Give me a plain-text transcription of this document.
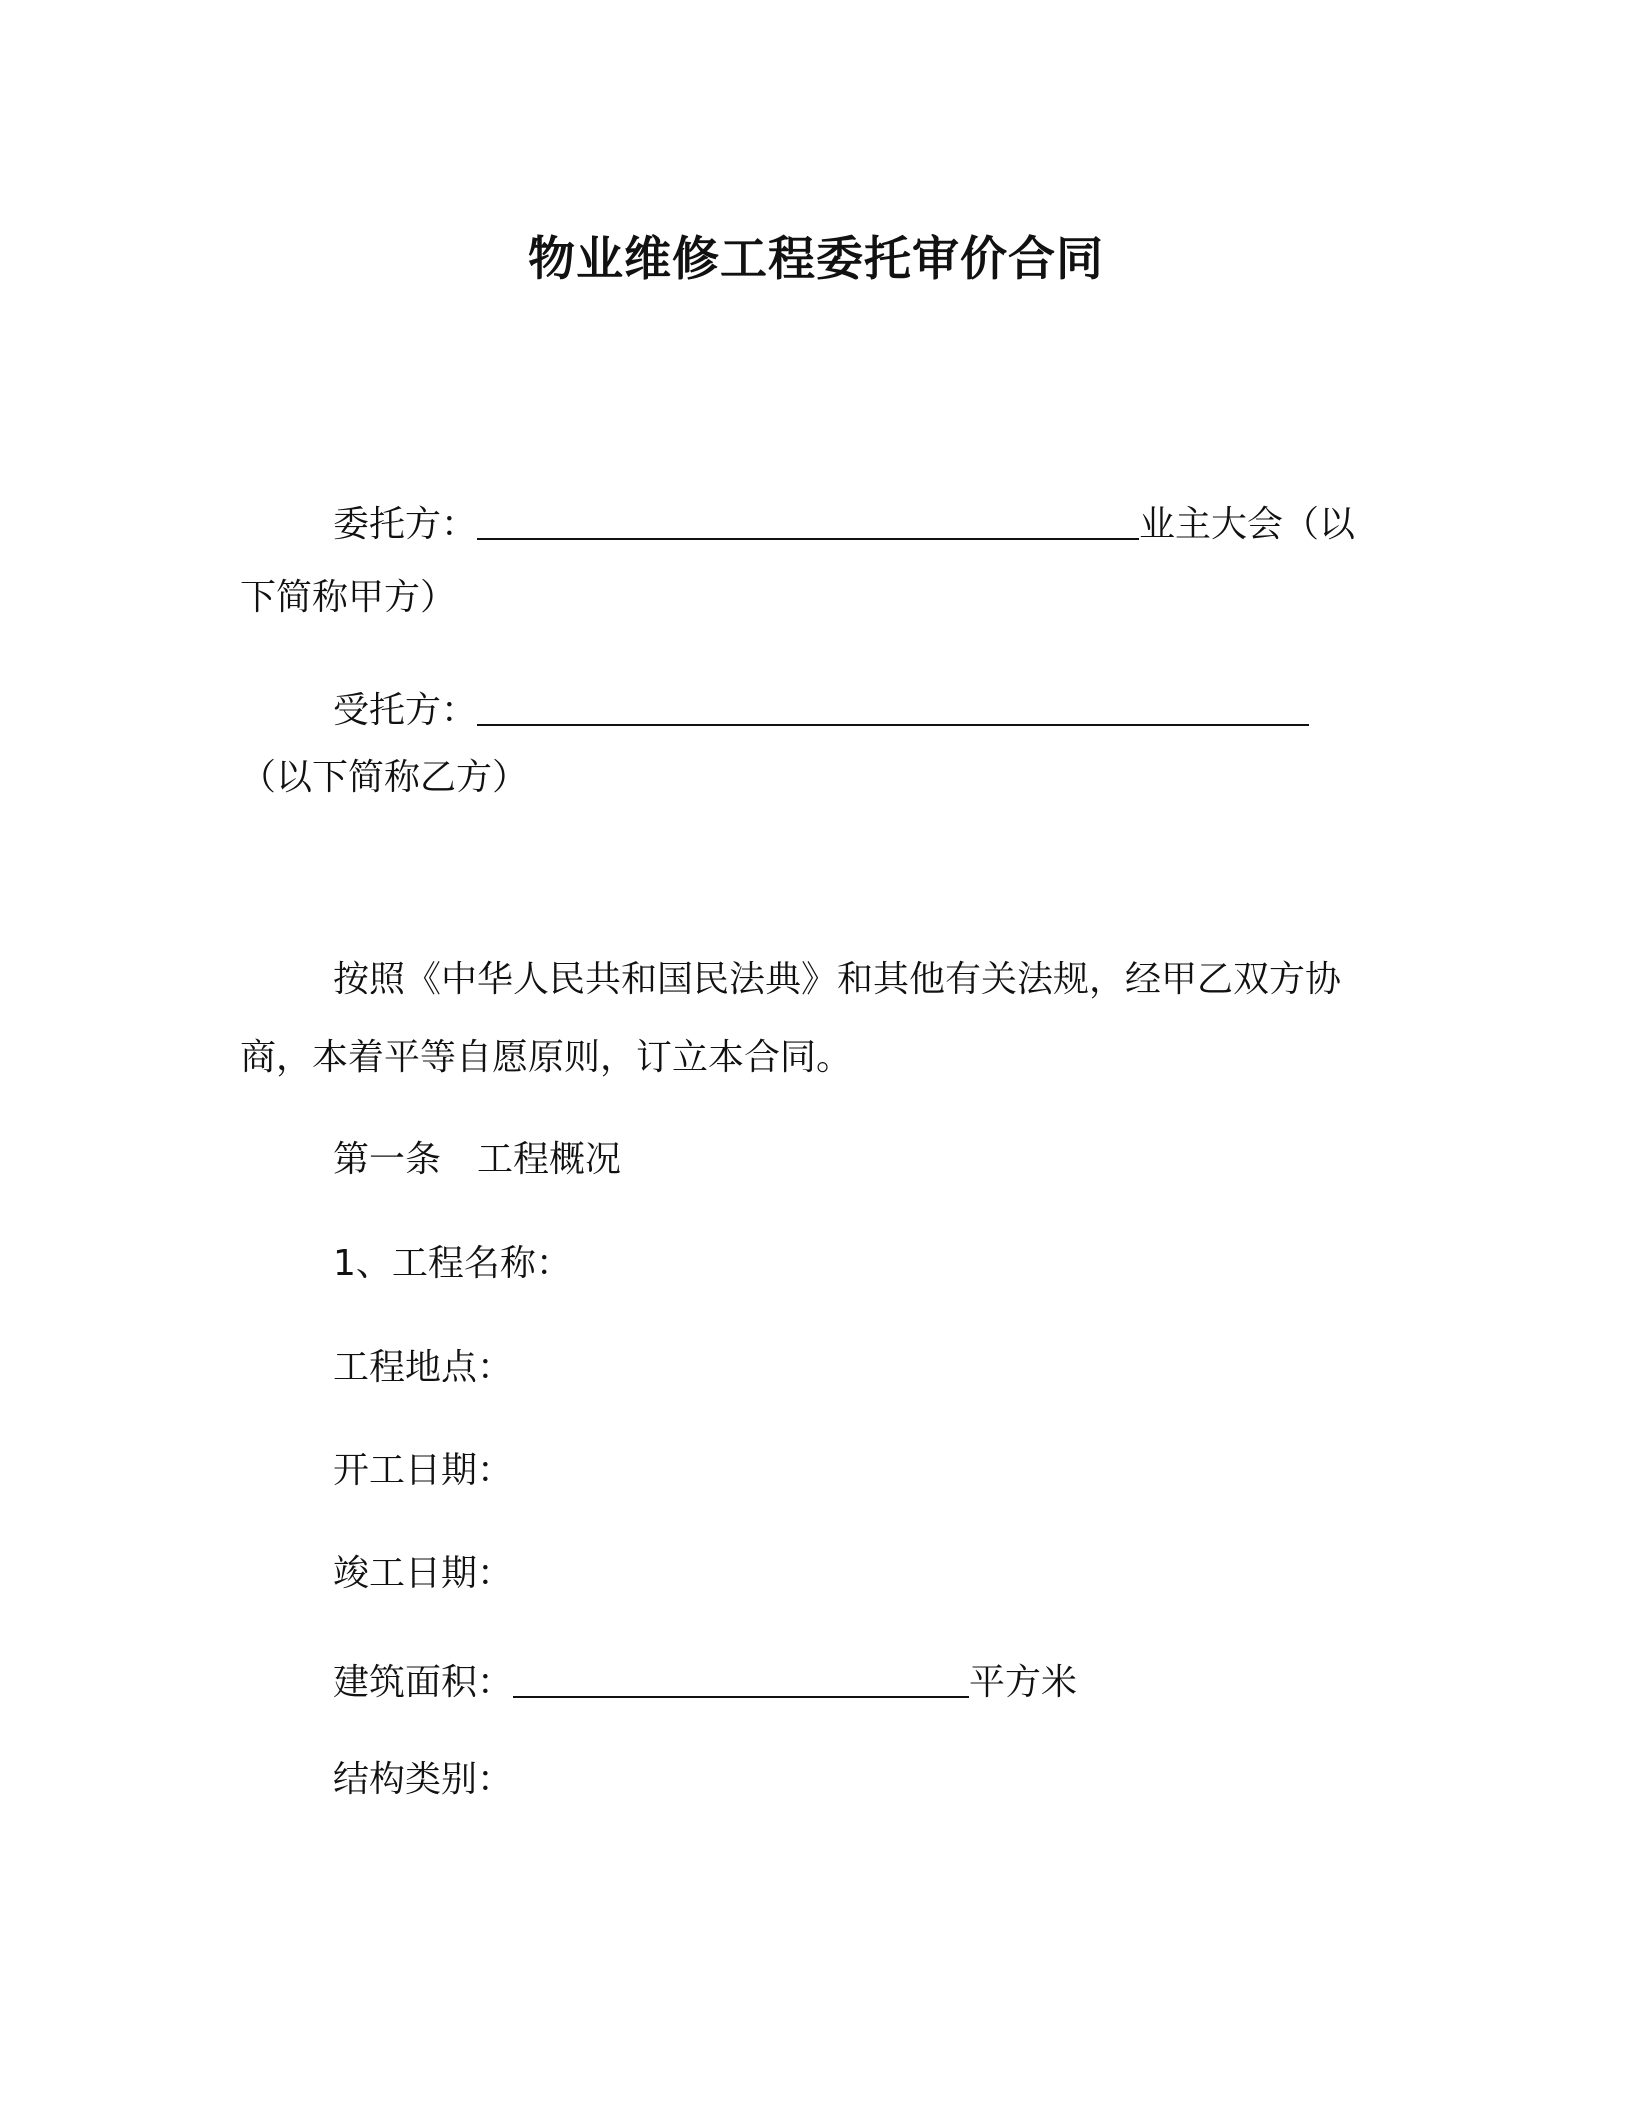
物业维修工程委托审价合同
委托方：	业主大会（以
下简称甲方）
受托方：
（以下简称乙方）
按照《中华人民共和国民法典》和其他有关法规，经甲乙双方协
商，本着平等自愿原则，订立本合同。
第一条　工程概况
1、工程名称：
工程地点：
开工日期：
竣工日期：
建筑面积：	平方米
结构类别：
